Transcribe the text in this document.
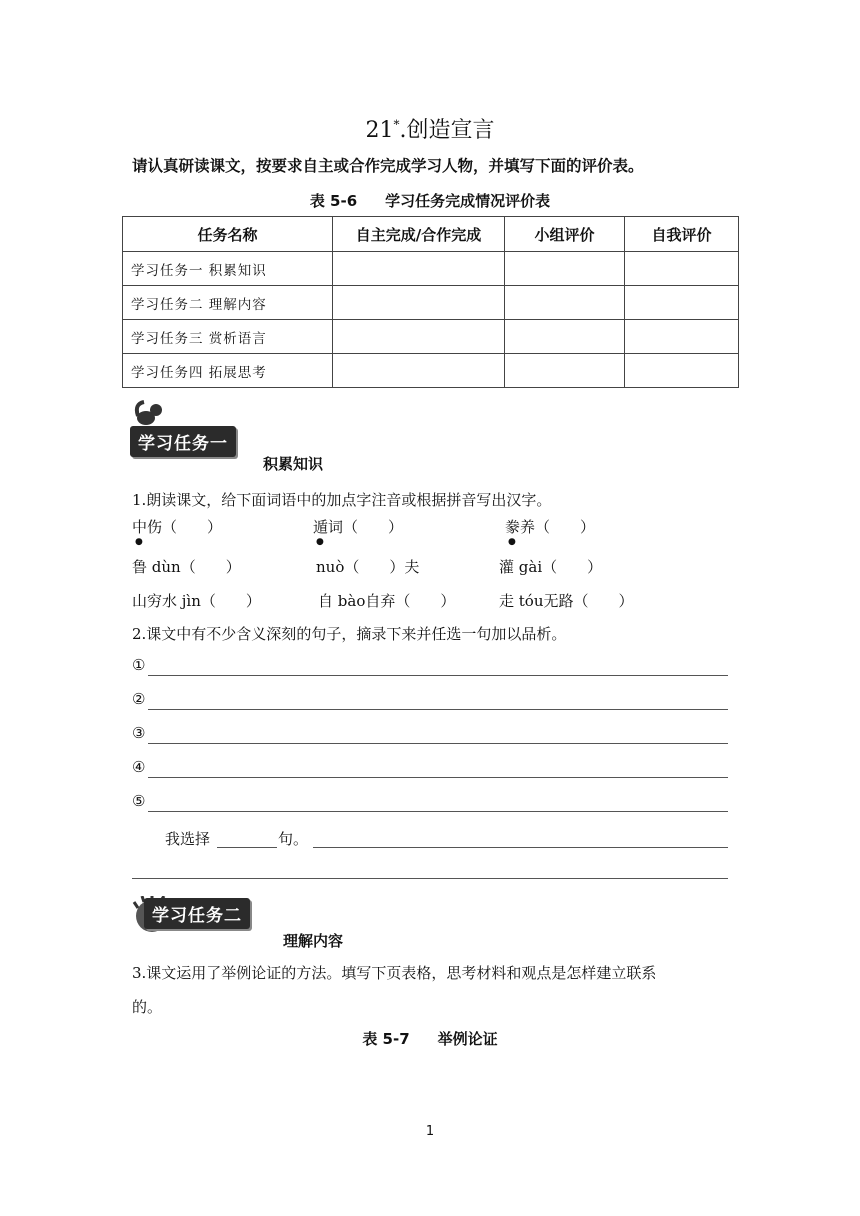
21*.创造宣言
请认真研读课文，按要求自主或合作完成学习人物，并填写下面的评价表。
表 5-6 学习任务完成情况评价表
任务名称	自主完成/合作完成	小组评价	自我评价
学习任务一 积累知识			
学习任务二 理解内容			
学习任务三 赏析语言			
学习任务四 拓展思考			
学习任务一
积累知识
1.朗读课文，给下面词语中的加点字注音或根据拼音写出汉字。
中伤（　　）	遁词（　　）	豢养（　　）
●	●	●
鲁 dùn（　　）	nuò（　　）夫	灌 gài（　　）
山穷水 jìn（　　）	自 bào自弃（　　）	走 tóu无路（　　）
2.课文中有不少含义深刻的句子，摘录下来并任选一句加以品析。
①
②
③
④
⑤
我选择	句。
学习任务二
理解内容
3.课文运用了举例论证的方法。填写下页表格，思考材料和观点是怎样建立联系
的。
表 5-7 举例论证
1
